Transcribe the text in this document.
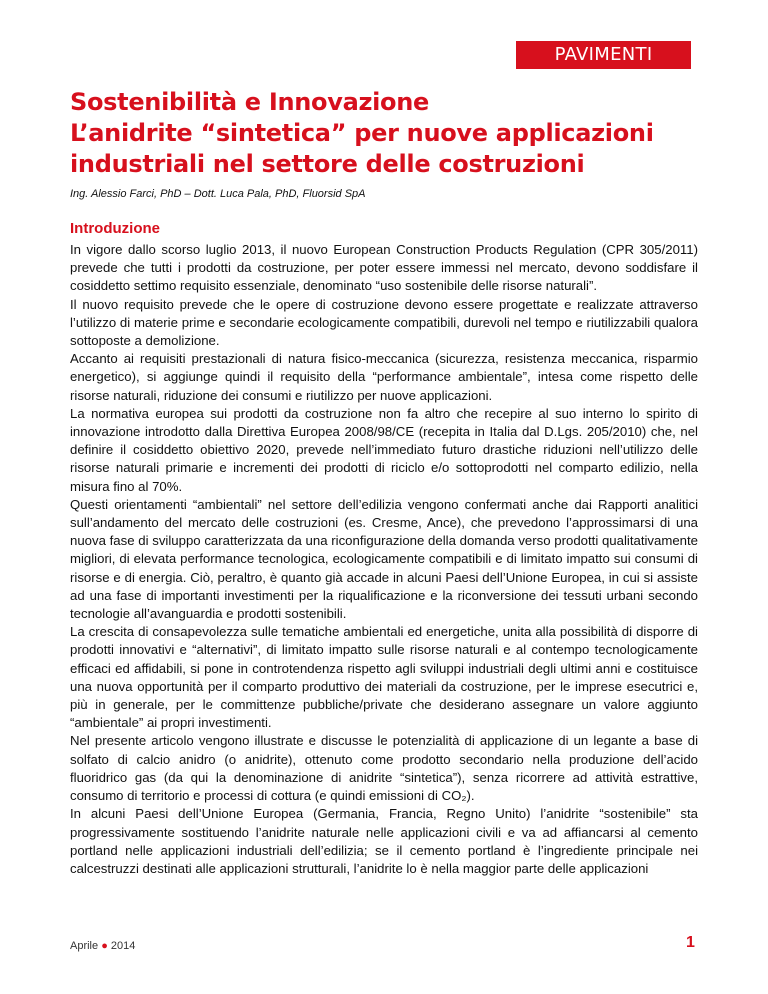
PAVIMENTI
Sostenibilità e Innovazione
L’anidrite “sintetica” per nuove applicazioni
industriali nel settore delle costruzioni
Ing. Alessio Farci, PhD – Dott. Luca Pala, PhD, Fluorsid SpA
Introduzione

In vigore dallo scorso luglio 2013, il nuovo European Construction Products Regulation (CPR 305/2011) prevede che tutti i prodotti da costruzione, per poter essere immessi nel mercato, devono soddisfare il cosiddetto settimo requisito essenziale, denominato “uso sostenibile delle risorse naturali”.

Il nuovo requisito prevede che le opere di costruzione devono essere progettate e realizzate attraverso l’utilizzo di materie prime e secondarie ecologicamente compatibili, durevoli nel tempo e riutilizzabili qualora sottoposte a demolizione.

Accanto ai requisiti prestazionali di natura fisico-meccanica (sicurezza, resistenza meccanica, risparmio energetico), si aggiunge quindi il requisito della “performance ambientale”, intesa come rispetto delle risorse naturali, riduzione dei consumi e riutilizzo per nuove applicazioni.

La normativa europea sui prodotti da costruzione non fa altro che recepire al suo interno lo spirito di innovazione introdotto dalla Direttiva Europea 2008/98/CE (recepita in Italia dal D.Lgs. 205/2010) che, nel definire il cosiddetto obiettivo 2020, prevede nell’immediato futuro drastiche riduzioni nell’utilizzo delle risorse naturali primarie e incrementi dei prodotti di riciclo e/o sottoprodotti nel comparto edilizio, nella misura fino al 70%.

Questi orientamenti “ambientali” nel settore dell’edilizia vengono confermati anche dai Rapporti analitici sull’andamento del mercato delle costruzioni (es. Cresme, Ance), che prevedono l’approssimarsi di una nuova fase di sviluppo caratterizzata da una riconfigurazione della domanda verso prodotti qualitativamente migliori, di elevata performance tecnologica, ecologicamente compatibili e di limitato impatto sui consumi di risorse e di energia. Ciò, peraltro, è quanto già accade in alcuni Paesi dell’Unione Europea, in cui si assiste ad una fase di importanti investimenti per la riqualificazione e la riconversione dei tessuti urbani secondo tecnologie all’avanguardia e prodotti sostenibili.

La crescita di consapevolezza sulle tematiche ambientali ed energetiche, unita alla possibilità di disporre di prodotti innovativi e “alternativi”, di limitato impatto sulle risorse naturali e al contempo tecnologicamente efficaci ed affidabili, si pone in controtendenza rispetto agli sviluppi industriali degli ultimi anni e costituisce una nuova opportunità per il comparto produttivo dei materiali da costruzione, per le imprese esecutrici e, più in generale, per le committenze pubbliche/private che desiderano assegnare un valore aggiunto “ambientale” ai propri investimenti.

Nel presente articolo vengono illustrate e discusse le potenzialità di applicazione di un legante a base di solfato di calcio anidro (o anidrite), ottenuto come prodotto secondario nella produzione dell’acido fluoridrico gas (da qui la denominazione di anidrite “sintetica”), senza ricorrere ad attività estrattive, consumo di territorio e processi di cottura (e quindi emissioni di CO₂).

In alcuni Paesi dell’Unione Europea (Germania, Francia, Regno Unito) l’anidrite “sostenibile” sta progressivamente sostituendo l’anidrite naturale nelle applicazioni civili e va ad affiancarsi al cemento portland nelle applicazioni industriali dell’edilizia; se il cemento portland è l’ingrediente principale nei calcestruzzi destinati alle applicazioni strutturali, l’anidrite lo è nella maggior parte delle applicazioni

Aprile ● 2014	1
